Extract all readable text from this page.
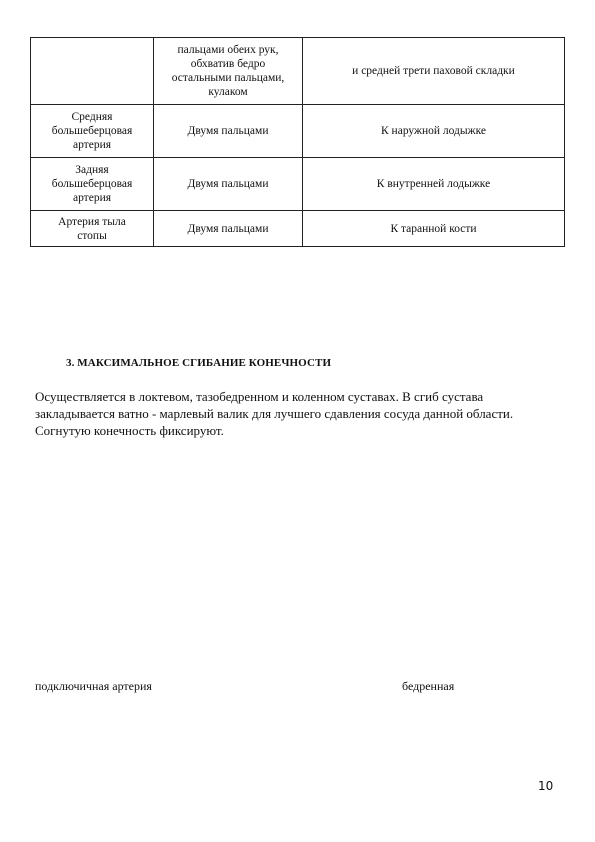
	пальцами обеих рук,
обхватив бедро
остальными пальцами,
кулаком	и средней трети паховой складки
Средняя
большеберцовая
артерия	Двумя пальцами	К наружной лодыжке
Задняя
большеберцовая
артерия	Двумя пальцами	К внутренней лодыжке
Артерия тыла
стопы	Двумя пальцами	К таранной кости
3. МАКСИМАЛЬНОЕ СГИБАНИЕ КОНЕЧНОСТИ
Осуществляется в локтевом, тазобедренном и коленном суставах. В сгиб сустава
закладывается ватно - марлевый валик для лучшего сдавления сосуда данной области.
Согнутую конечность фиксируют.
подключичная артерия	бедренная
10
